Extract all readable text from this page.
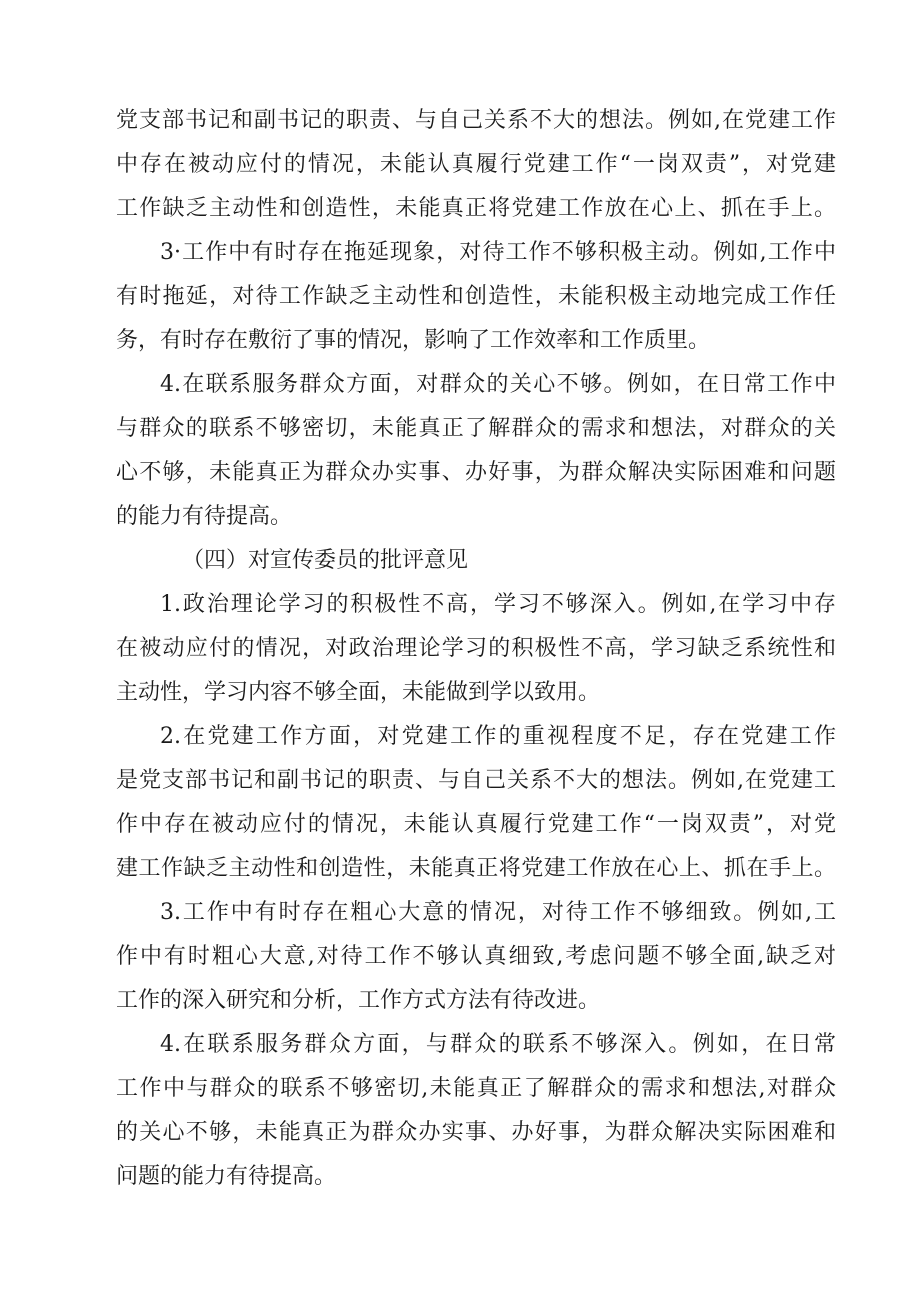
党支部书记和副书记的职责、与自己关系不大的想法。例如,在党建工作
中存在被动应付的情况，未能认真履行党建工作“一岗双责”，对党建
工作缺乏主动性和创造性，未能真正将党建工作放在心上、抓在手上。
3·工作中有时存在拖延现象，对待工作不够积极主动。例如,工作中
有时拖延，对待工作缺乏主动性和创造性，未能积极主动地完成工作任
务，有时存在敷衍了事的情况，影响了工作效率和工作质里。
4.在联系服务群众方面，对群众的关心不够。例如，在日常工作中
与群众的联系不够密切，未能真正了解群众的需求和想法，对群众的关
心不够，未能真正为群众办实事、办好事，为群众解决实际困难和问题
的能力有待提高。
（四）对宣传委员的批评意见
1.政治理论学习的积极性不高，学习不够深入。例如,在学习中存
在被动应付的情况，对政治理论学习的积极性不高，学习缺乏系统性和
主动性，学习内容不够全面，未能做到学以致用。
2.在党建工作方面，对党建工作的重视程度不足，存在党建工作
是党支部书记和副书记的职责、与自己关系不大的想法。例如,在党建工
作中存在被动应付的情况，未能认真履行党建工作“一岗双责”，对党
建工作缺乏主动性和创造性，未能真正将党建工作放在心上、抓在手上。
3.工作中有时存在粗心大意的情况，对待工作不够细致。例如,工
作中有时粗心大意,对待工作不够认真细致,考虑问题不够全面,缺乏对
工作的深入研究和分析，工作方式方法有待改进。
4.在联系服务群众方面，与群众的联系不够深入。例如，在日常
工作中与群众的联系不够密切,未能真正了解群众的需求和想法,对群众
的关心不够，未能真正为群众办实事、办好事，为群众解决实际困难和
问题的能力有待提高。
